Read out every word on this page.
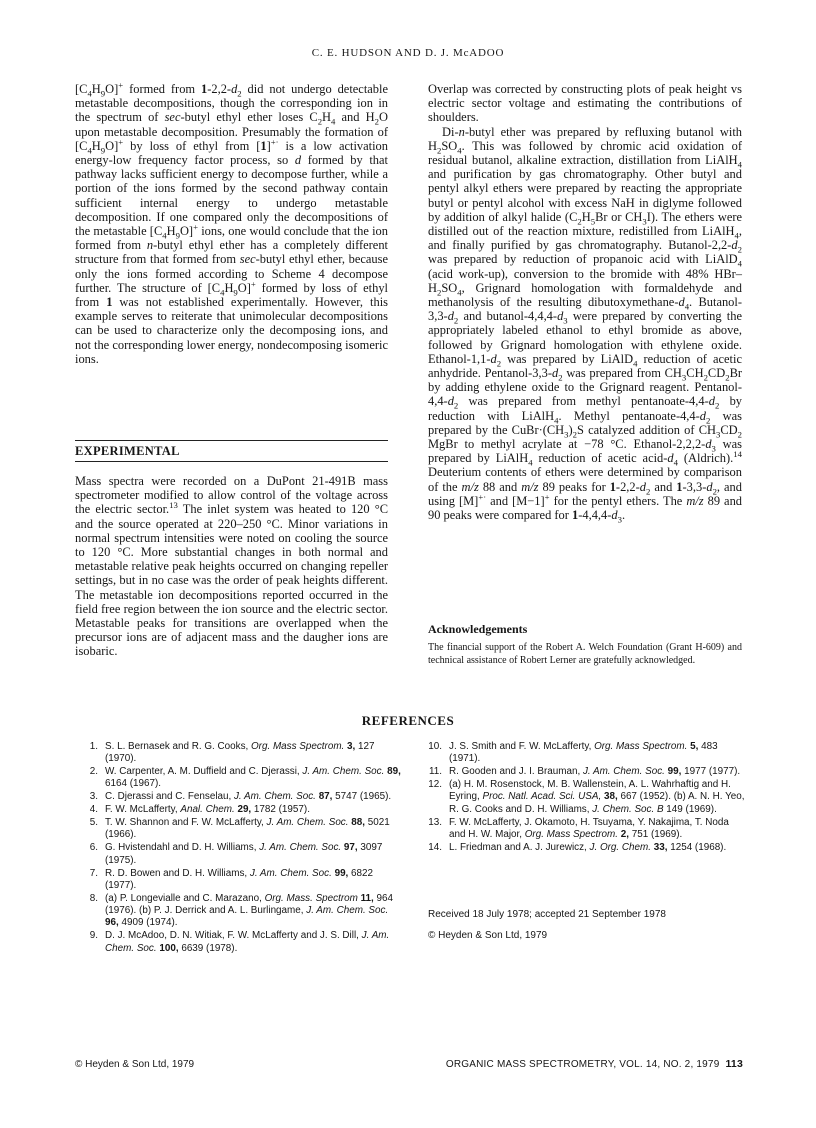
C. E. HUDSON AND D. J. McADOO

$[C_4H_9O]^+$ formed from $1-2,2-d_2$ did not undergo detectable metastable decompositions, though the corresponding ion in the spectrum of sec-butyl ethyl ether loses $C_2H_4$ and $H_2O$ upon metastable decomposition. Presumably the formation of $[C_4H_9O]^+$ by loss of ethyl from [1]+· is a low activation energy-low frequency factor process, so d formed by that pathway lacks sufficient energy to decompose further, while a portion of the ions formed by the second pathway contain sufficient internal energy to undergo metastable decomposition. If one compared only the decompositions of the metastable $[C_4H_9O]^+$ ions, one would conclude that the ion formed from n-butyl ethyl ether has a completely different structure from that formed from sec-butyl ethyl ether, because only the ions formed according to Scheme 4 decompose further. The structure of $[C_4H_9O]^+$ formed by loss of ethyl from 1 was not established experimentally. However, this example serves to reiterate that unimolecular decompositions can be used to characterize only the decomposing ions, and not the corresponding lower energy, nondecomposing isomeric ions.

EXPERIMENTAL
Mass spectra were recorded on a DuPont 21-491B mass spectrometer modified to allow control of the voltage across the electric sector.$^{13}$ The inlet system was heated to 120 °C and the source operated at 220–250 °C. Minor variations in normal spectrum intensities were noted on cooling the source to 120 °C. More substantial changes in both normal and metastable relative peak heights occurred on changing repeller settings, but in no case was the order of peak heights different. The metastable ion decompositions reported occurred in the field free region between the ion source and the electric sector. Metastable peaks for transitions are overlapped when the precursor ions are of adjacent mass and the daugher ions are isobaric.

Overlap was corrected by constructing plots of peak height vs electric sector voltage and estimating the contributions of shoulders.

Di-n-butyl ether was prepared by refluxing butanol with $H_2SO_4$. This was followed by chromic acid oxidation of residual butanol, alkaline extraction, distillation from LiAlH$_4$ and purification by gas chromatography. Other butyl and pentyl alkyl ethers were prepared by reacting the appropriate butyl or pentyl alcohol with excess NaH in diglyme followed by addition of alkyl halide ($C_2H_5Br$ or $CH_3I$). The ethers were distilled out of the reaction mixture, redistilled from LiAlH$_4$, and finally purified by gas chromatography. Butanol-$2,2-d_2$ was prepared by reduction of propanoic acid with LiAlD$_4$ (acid work-up), conversion to the bromide with 48% HBr–$H_2SO_4$, Grignard homologation with formaldehyde and methanolysis of the resulting dibutoxymethane-$d_4$. Butanol-$3,3-d_2$ and butanol-$4,4,4-d_3$ were prepared by converting the appropriately labeled ethanol to ethyl bromide as above, followed by Grignard homologation with ethylene oxide. Ethanol-$1,1-d_2$ was prepared by LiAlD$_4$ reduction of acetic anhydride. Pentanol-$3,3-d_2$ was prepared from $CH_3CH_2CD_2Br$ by adding ethylene oxide to the Grignard reagent. Pentanol-$4,4-d_2$ was prepared from methyl pentanoate-$4,4-d_2$ by reduction with LiAlH$_4$. Methyl pentanoate-$4,4-d_2$ was prepared by the $CuBr\cdot(CH_3)_2S$ catalyzed addition of $CH_3CD_2$ MgBr to methyl acrylate at −78 °C. Ethanol-$2,2,2-d_3$ was prepared by LiAlH$_4$ reduction of acetic acid-$d_4$ (Aldrich).$^{14}$ Deuterium contents of ethers were determined by comparison of the m/z 88 and m/z 89 peaks for $1-2,2-d_2$ and $1-3,3-d_2$, and using [M]+· and [M−1]+ for the pentyl ethers. The m/z 89 and 90 peaks were compared for $1-4,4,4-d_3$.

Acknowledgements
The financial support of the Robert A. Welch Foundation (Grant H-609) and technical assistance of Robert Lerner are gratefully acknowledged.
REFERENCES
1. S. L. Bernasek and R. G. Cooks, Org. Mass Spectrom. 3, 127 (1970).
2. W. Carpenter, A. M. Duffield and C. Djerassi, J. Am. Chem. Soc. 89, 6164 (1967).
3. C. Djerassi and C. Fenselau, J. Am. Chem. Soc. 87, 5747 (1965).
4. F. W. McLafferty, Anal. Chem. 29, 1782 (1957).
5. T. W. Shannon and F. W. McLafferty, J. Am. Chem. Soc. 88, 5021 (1966).
6. G. Hvistendahl and D. H. Williams, J. Am. Chem. Soc. 97, 3097 (1975).
7. R. D. Bowen and D. H. Williams, J. Am. Chem. Soc. 99, 6822 (1977).
8. (a) P. Longevialle and C. Marazano, Org. Mass. Spectrom 11, 964 (1976). (b) P. J. Derrick and A. L. Burlingame, J. Am. Chem. Soc. 96, 4909 (1974).
9. D. J. McAdoo, D. N. Witiak, F. W. McLafferty and J. S. Dill, J. Am. Chem. Soc. 100, 6639 (1978).
10. J. S. Smith and F. W. McLafferty, Org. Mass Spectrom. 5, 483 (1971).
11. R. Gooden and J. I. Brauman, J. Am. Chem. Soc. 99, 1977 (1977).
12. (a) H. M. Rosenstock, M. B. Wallenstein, A. L. Wahrhaftig and H. Eyring, Proc. Natl. Acad. Sci. USA, 38, 667 (1952). (b) A. N. H. Yeo, R. G. Cooks and D. H. Williams, J. Chem. Soc. B 149 (1969).
13. F. W. McLafferty, J. Okamoto, H. Tsuyama, Y. Nakajima, T. Noda and H. W. Major, Org. Mass Spectrom. 2, 751 (1969).
14. L. Friedman and A. J. Jurewicz, J. Org. Chem. 33, 1254 (1968).
Received 18 July 1978; accepted 21 September 1978
© Heyden & Son Ltd, 1979
© Heyden & Son Ltd, 1979	ORGANIC MASS SPECTROMETRY, VOL. 14, NO. 2, 1979 113
